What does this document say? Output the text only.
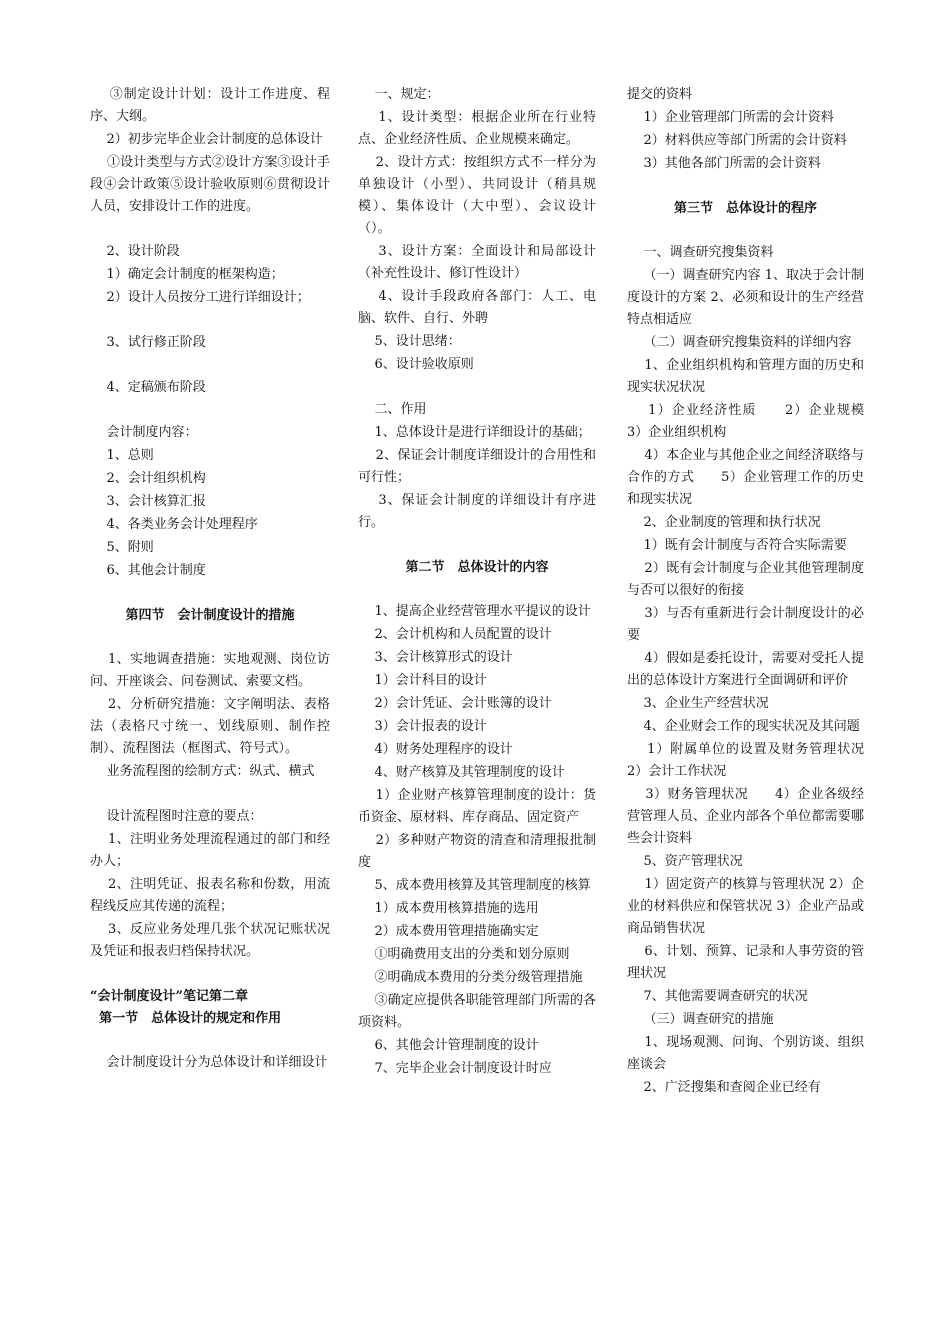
③制定设计计划：设计工作进度、程序、大纲。
2）初步完毕企业会计制度的总体设计
①设计类型与方式②设计方案③设计手段④会计政策⑤设计验收原则⑥贯彻设计人员，安排设计工作的进度。
2、设计阶段
1）确定会计制度的框架构造；
2）设计人员按分工进行详细设计；
3、试行修正阶段
4、定稿颁布阶段
会计制度内容：
1、总则
2、会计组织机构
3、会计核算汇报
4、各类业务会计处理程序
5、附则
6、其他会计制度
第四节　会计制度设计的措施
1、实地调查措施：实地观测、岗位访问、开座谈会、问卷测试、索要文档。
2、分析研究措施：文字阐明法、表格法（表格尺寸统一、划线原则、制作控制）、流程图法（框图式、符号式）。
业务流程图的绘制方式：纵式、横式
设计流程图时注意的要点：
1、注明业务处理流程通过的部门和经办人；
2、注明凭证、报表名称和份数，用流程线反应其传递的流程；
3、反应业务处理几张个状况记账状况及凭证和报表归档保持状况。
“会计制度设计”笔记第二章
第一节　总体设计的规定和作用
会计制度设计分为总体设计和详细设计
一、规定：
1、设计类型：根据企业所在行业特点、企业经济性质、企业规模来确定。
2、设计方式：按组织方式不一样分为单独设计（小型）、共同设计（稍具规模）、集体设计（大中型）、会议设计（）。
3、设计方案：全面设计和局部设计（补充性设计、修订性设计）
4、设计手段政府各部门：人工、电脑、软件、自行、外聘
5、设计思绪：
6、设计验收原则
二、作用
1、总体设计是进行详细设计的基础；
2、保证会计制度详细设计的合用性和可行性；
3、保证会计制度的详细设计有序进行。
第二节　总体设计的内容
1、提高企业经营管理水平提议的设计
2、会计机构和人员配置的设计
3、会计核算形式的设计
1）会计科目的设计
2）会计凭证、会计账簿的设计
3）会计报表的设计
4）财务处理程序的设计
4、财产核算及其管理制度的设计
1）企业财产核算管理制度的设计：货币资金、原材料、库存商品、固定资产
2）多种财产物资的清查和清理报批制度
5、成本费用核算及其管理制度的核算
1）成本费用核算措施的选用
2）成本费用管理措施确实定
①明确费用支出的分类和划分原则
②明确成本费用的分类分级管理措施
③确定应提供各职能管理部门所需的各项资料。
6、其他会计管理制度的设计
7、完毕企业会计制度设计时应
提交的资料
1）企业管理部门所需的会计资料
2）材料供应等部门所需的会计资料
3）其他各部门所需的会计资料
第三节　总体设计的程序
一、调查研究搜集资料
（一）调查研究内容 1、取决于会计制度设计的方案 2、必须和设计的生产经营特点相适应
（二）调查研究搜集资料的详细内容
1、企业组织机构和管理方面的历史和现实状况状况
1）企业经济性质　　2）企业规模　　3）企业组织机构
4）本企业与其他企业之间经济联络与合作的方式　　5）企业管理工作的历史和现实状况
2、企业制度的管理和执行状况
1）既有会计制度与否符合实际需要
2）既有会计制度与企业其他管理制度与否可以很好的衔接
3）与否有重新进行会计制度设计的必要
4）假如是委托设计，需要对受托人提出的总体设计方案进行全面调研和评价
3、企业生产经营状况
4、企业财会工作的现实状况及其问题
1）附属单位的设置及财务管理状况　　2）会计工作状况
3）财务管理状况　　4）企业各级经营管理人员、企业内部各个单位都需要哪些会计资料
5、资产管理状况
1）固定资产的核算与管理状况 2）企业的材料供应和保管状况 3）企业产品或商品销售状况
6、计划、预算、记录和人事劳资的管理状况
7、其他需要调查研究的状况
（三）调查研究的措施
1、现场观测、问询、个别访谈、组织座谈会
2、广泛搜集和查阅企业已经有
